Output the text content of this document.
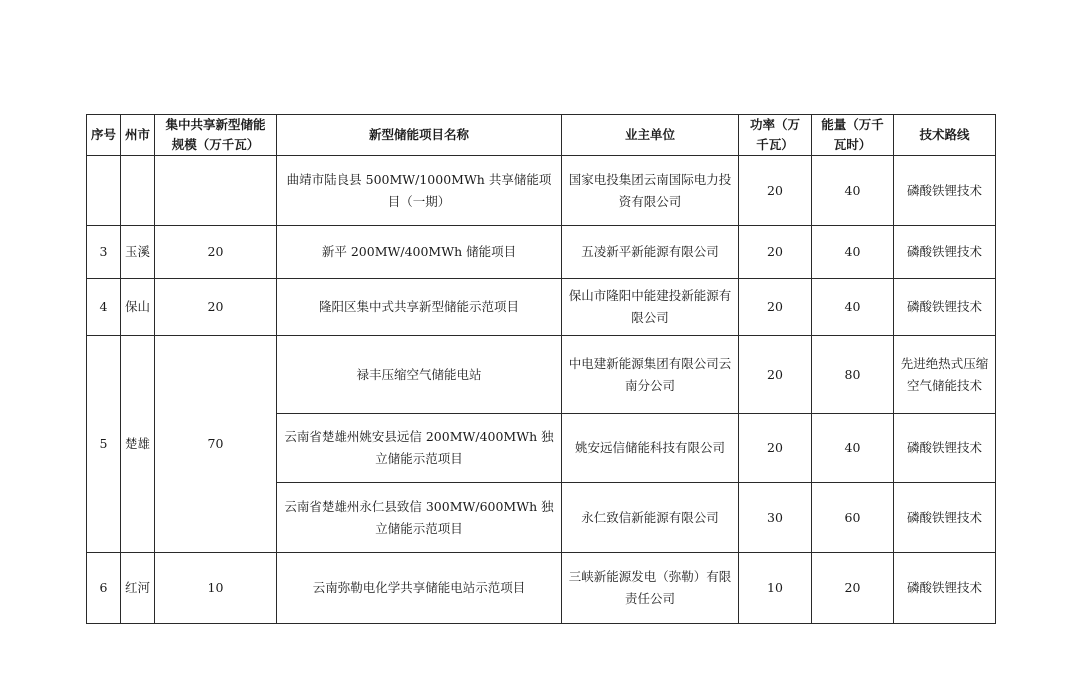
序号	州市	集中共享新型储能规模（万千瓦）	新型储能项目名称	业主单位	功率（万千瓦）	能量（万千瓦时）	技术路线
			曲靖市陆良县 500MW/1000MWh 共享储能项目（一期）	国家电投集团云南国际电力投资有限公司	20	40	磷酸铁锂技术
3	玉溪	20	新平 200MW/400MWh 储能项目	五凌新平新能源有限公司	20	40	磷酸铁锂技术
4	保山	20	隆阳区集中式共享新型储能示范项目	保山市隆阳中能建投新能源有限公司	20	40	磷酸铁锂技术
5	楚雄	70	禄丰压缩空气储能电站	中电建新能源集团有限公司云南分公司	20	80	先进绝热式压缩空气储能技术
			云南省楚雄州姚安县远信 200MW/400MWh 独立储能示范项目	姚安远信储能科技有限公司	20	40	磷酸铁锂技术
			云南省楚雄州永仁县致信 300MW/600MWh 独立储能示范项目	永仁致信新能源有限公司	30	60	磷酸铁锂技术
6	红河	10	云南弥勒电化学共享储能电站示范项目	三峡新能源发电（弥勒）有限责任公司	10	20	磷酸铁锂技术
